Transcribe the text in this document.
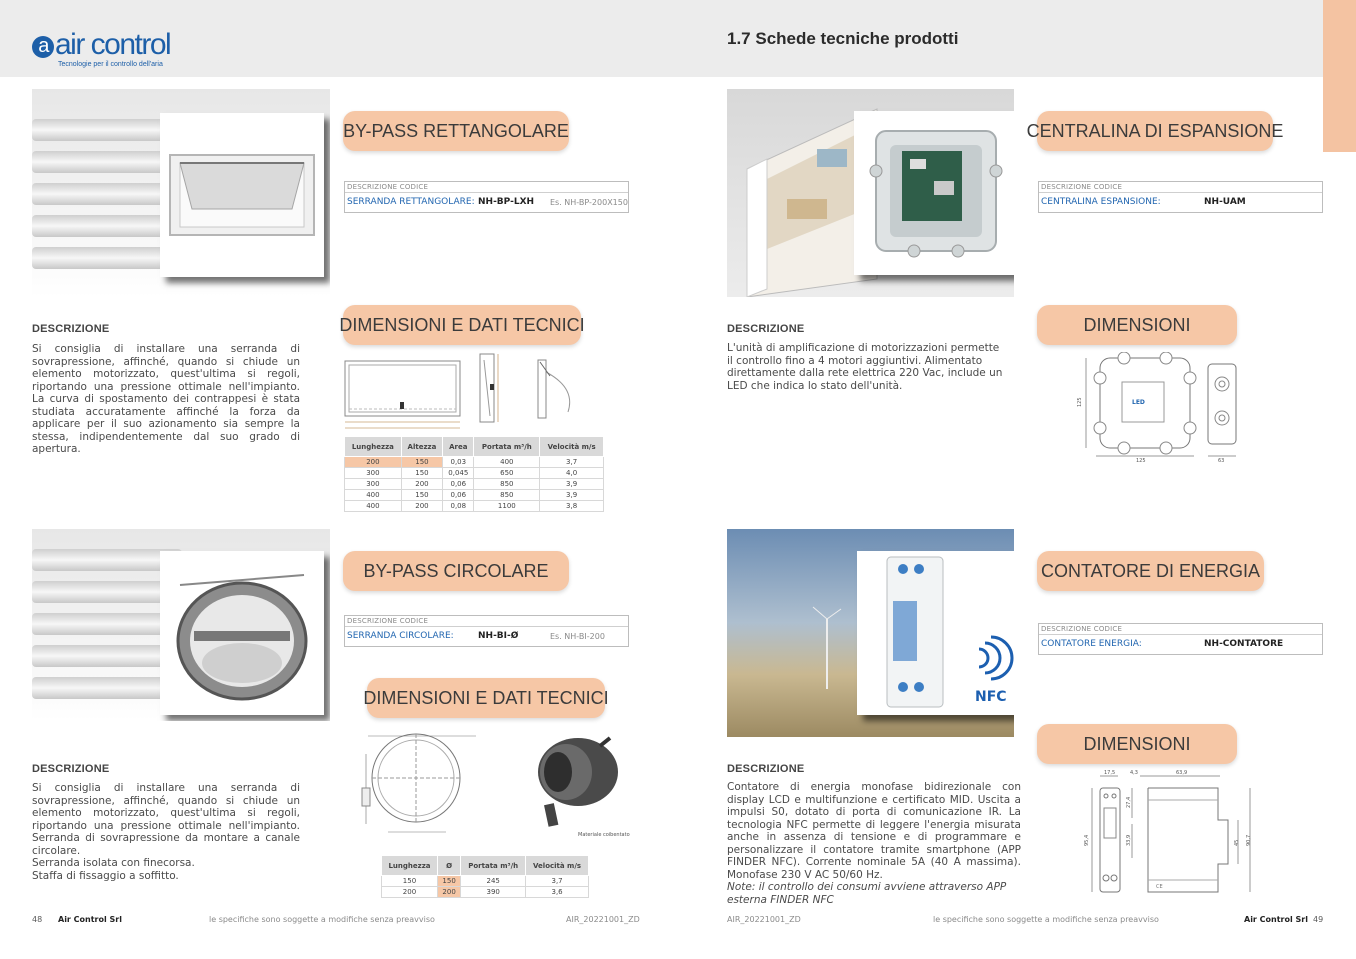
a air control
Tecnologie per il controllo dell'aria
1.7 Schede tecniche prodotti
BY-PASS RETTANGOLARE
DESCRIZIONE CODICE
SERRANDA RETTANGOLARE: NH-BP-LXH Es. NH-BP-200X150
DIMENSIONI E DATI TECNICI
Lunghezza	Altezza	Area	Portata m³/h	Velocità m/s
200	150	0,03	400	3,7
300	150	0,045	650	4,0
300	200	0,06	850	3,9
400	150	0,06	850	3,9
400	200	0,08	1100	3,8
DESCRIZIONE

Si consiglia di installare una serranda di sovrapressione, affinché, quando si chiude un elemento motorizzato, quest'ultima si regoli, riportando una pressione ottimale nell'impianto. La curva di spostamento dei contrappesi è stata studiata accuratamente affinché la forza da applicare per il suo azionamento sia sempre la stessa, indipendentemente dal suo grado di apertura.

BY-PASS CIRCOLARE
DESCRIZIONE CODICE
SERRANDA CIRCOLARE:	NH-BI-Ø	Es. NH-BI-200
DIMENSIONI E DATI TECNICI
Materiale coibentato
Lunghezza	Ø	Portata m³/h	Velocità m/s
150	150	245	3,7
200	200	390	3,6
DESCRIZIONE

Si consiglia di installare una serranda di sovrapressione, affinché, quando si chiude un elemento motorizzato, quest'ultima si regoli, riportando una pressione ottimale nell'impianto. Serranda di sovrapressione da montare a canale circolare.

Serranda isolata con finecorsa.

Staffa di fissaggio a soffitto.

CENTRALINA DI ESPANSIONE
DESCRIZIONE CODICE
CENTRALINA ESPANSIONE:	NH-UAM
DIMENSIONI
LED
125
125
63
DESCRIZIONE

L'unità di amplificazione di motorizzazioni permette il controllo fino a 4 motori aggiuntivi. Alimentato direttamente dalla rete elettrica 220 Vac, include un LED che indica lo stato dell'unità.

NFC
CONTATORE DI ENERGIA
DESCRIZIONE CODICE
CONTATORE ENERGIA:	NH-CONTATORE
DIMENSIONI
17,5	4,3	63,9
95,4
27,4
33,9
CE
45 90,7
DESCRIZIONE

Contatore di energia monofase bidirezionale con display LCD e multifunzione e certificato MID. Uscita a impulsi S0, dotato di porta di comunicazione IR. La tecnologia NFC permette di leggere l'energia misurata anche in assenza di tensione e di programmare e personalizzare il contatore tramite smartphone (APP FINDER NFC). Corrente nominale 5A (40 A massima). Monofase 230 V AC 50/60 Hz.

Note: il controllo dei consumi avviene attraverso APP esterna FINDER NFC

48 Air Control Srl	le specifiche sono soggette a modifiche senza preavviso	AIR_20221001_ZD	AIR_20221001_ZD	le specifiche sono soggette a modifiche senza preavviso	Air Control Srl 49
